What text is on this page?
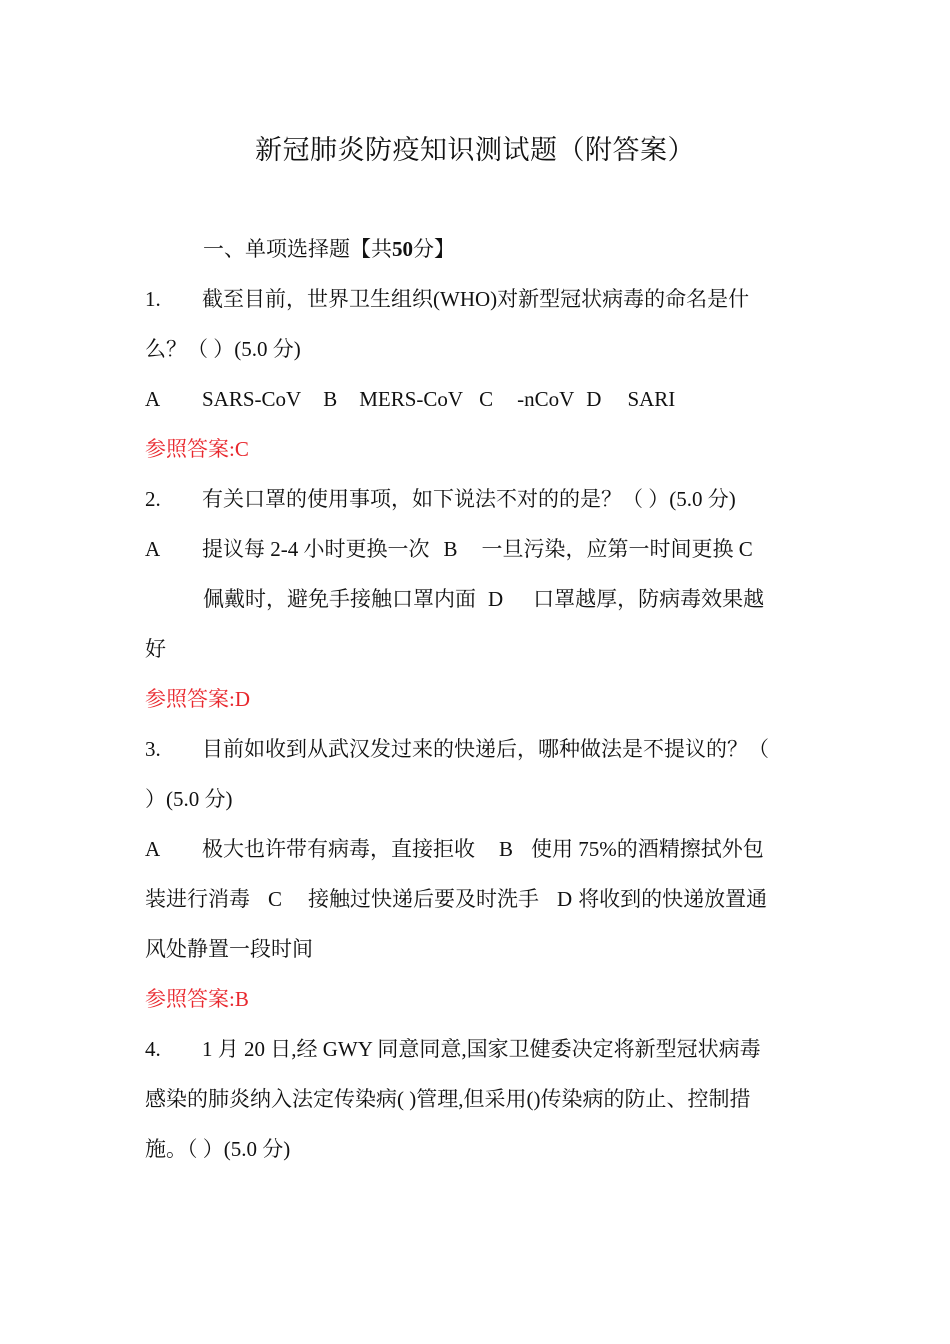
新冠肺炎防疫知识测试题（附答案）
一、单项选择题【共50分】
1. 截至目前，世界卫生组织(WHO)对新型冠状病毒的命名是什
么？（ ）(5.0 分)
A SARS-CoV B MERS-CoV C -nCoV D SARI
参照答案:C
2. 有关口罩的使用事项，如下说法不对的的是？（ ）(5.0 分)
A 提议每 2-4 小时更换一次 B 一旦污染，应第一时间更换 C
佩戴时，避免手接触口罩内面 D 口罩越厚，防病毒效果越
好
参照答案:D
3. 目前如收到从武汉发过来的快递后，哪种做法是不提议的？（
）(5.0 分)
A 极大也许带有病毒，直接拒收 B 使用 75%的酒精擦拭外包
装进行消毒 C 接触过快递后要及时洗手 D 将收到的快递放置通
风处静置一段时间
参照答案:B
4. 1 月 20 日,经 GWY 同意同意,国家卫健委决定将新型冠状病毒
感染的肺炎纳入法定传染病( )管理,但采用()传染病的防止、控制措
施。（ ）(5.0 分)
